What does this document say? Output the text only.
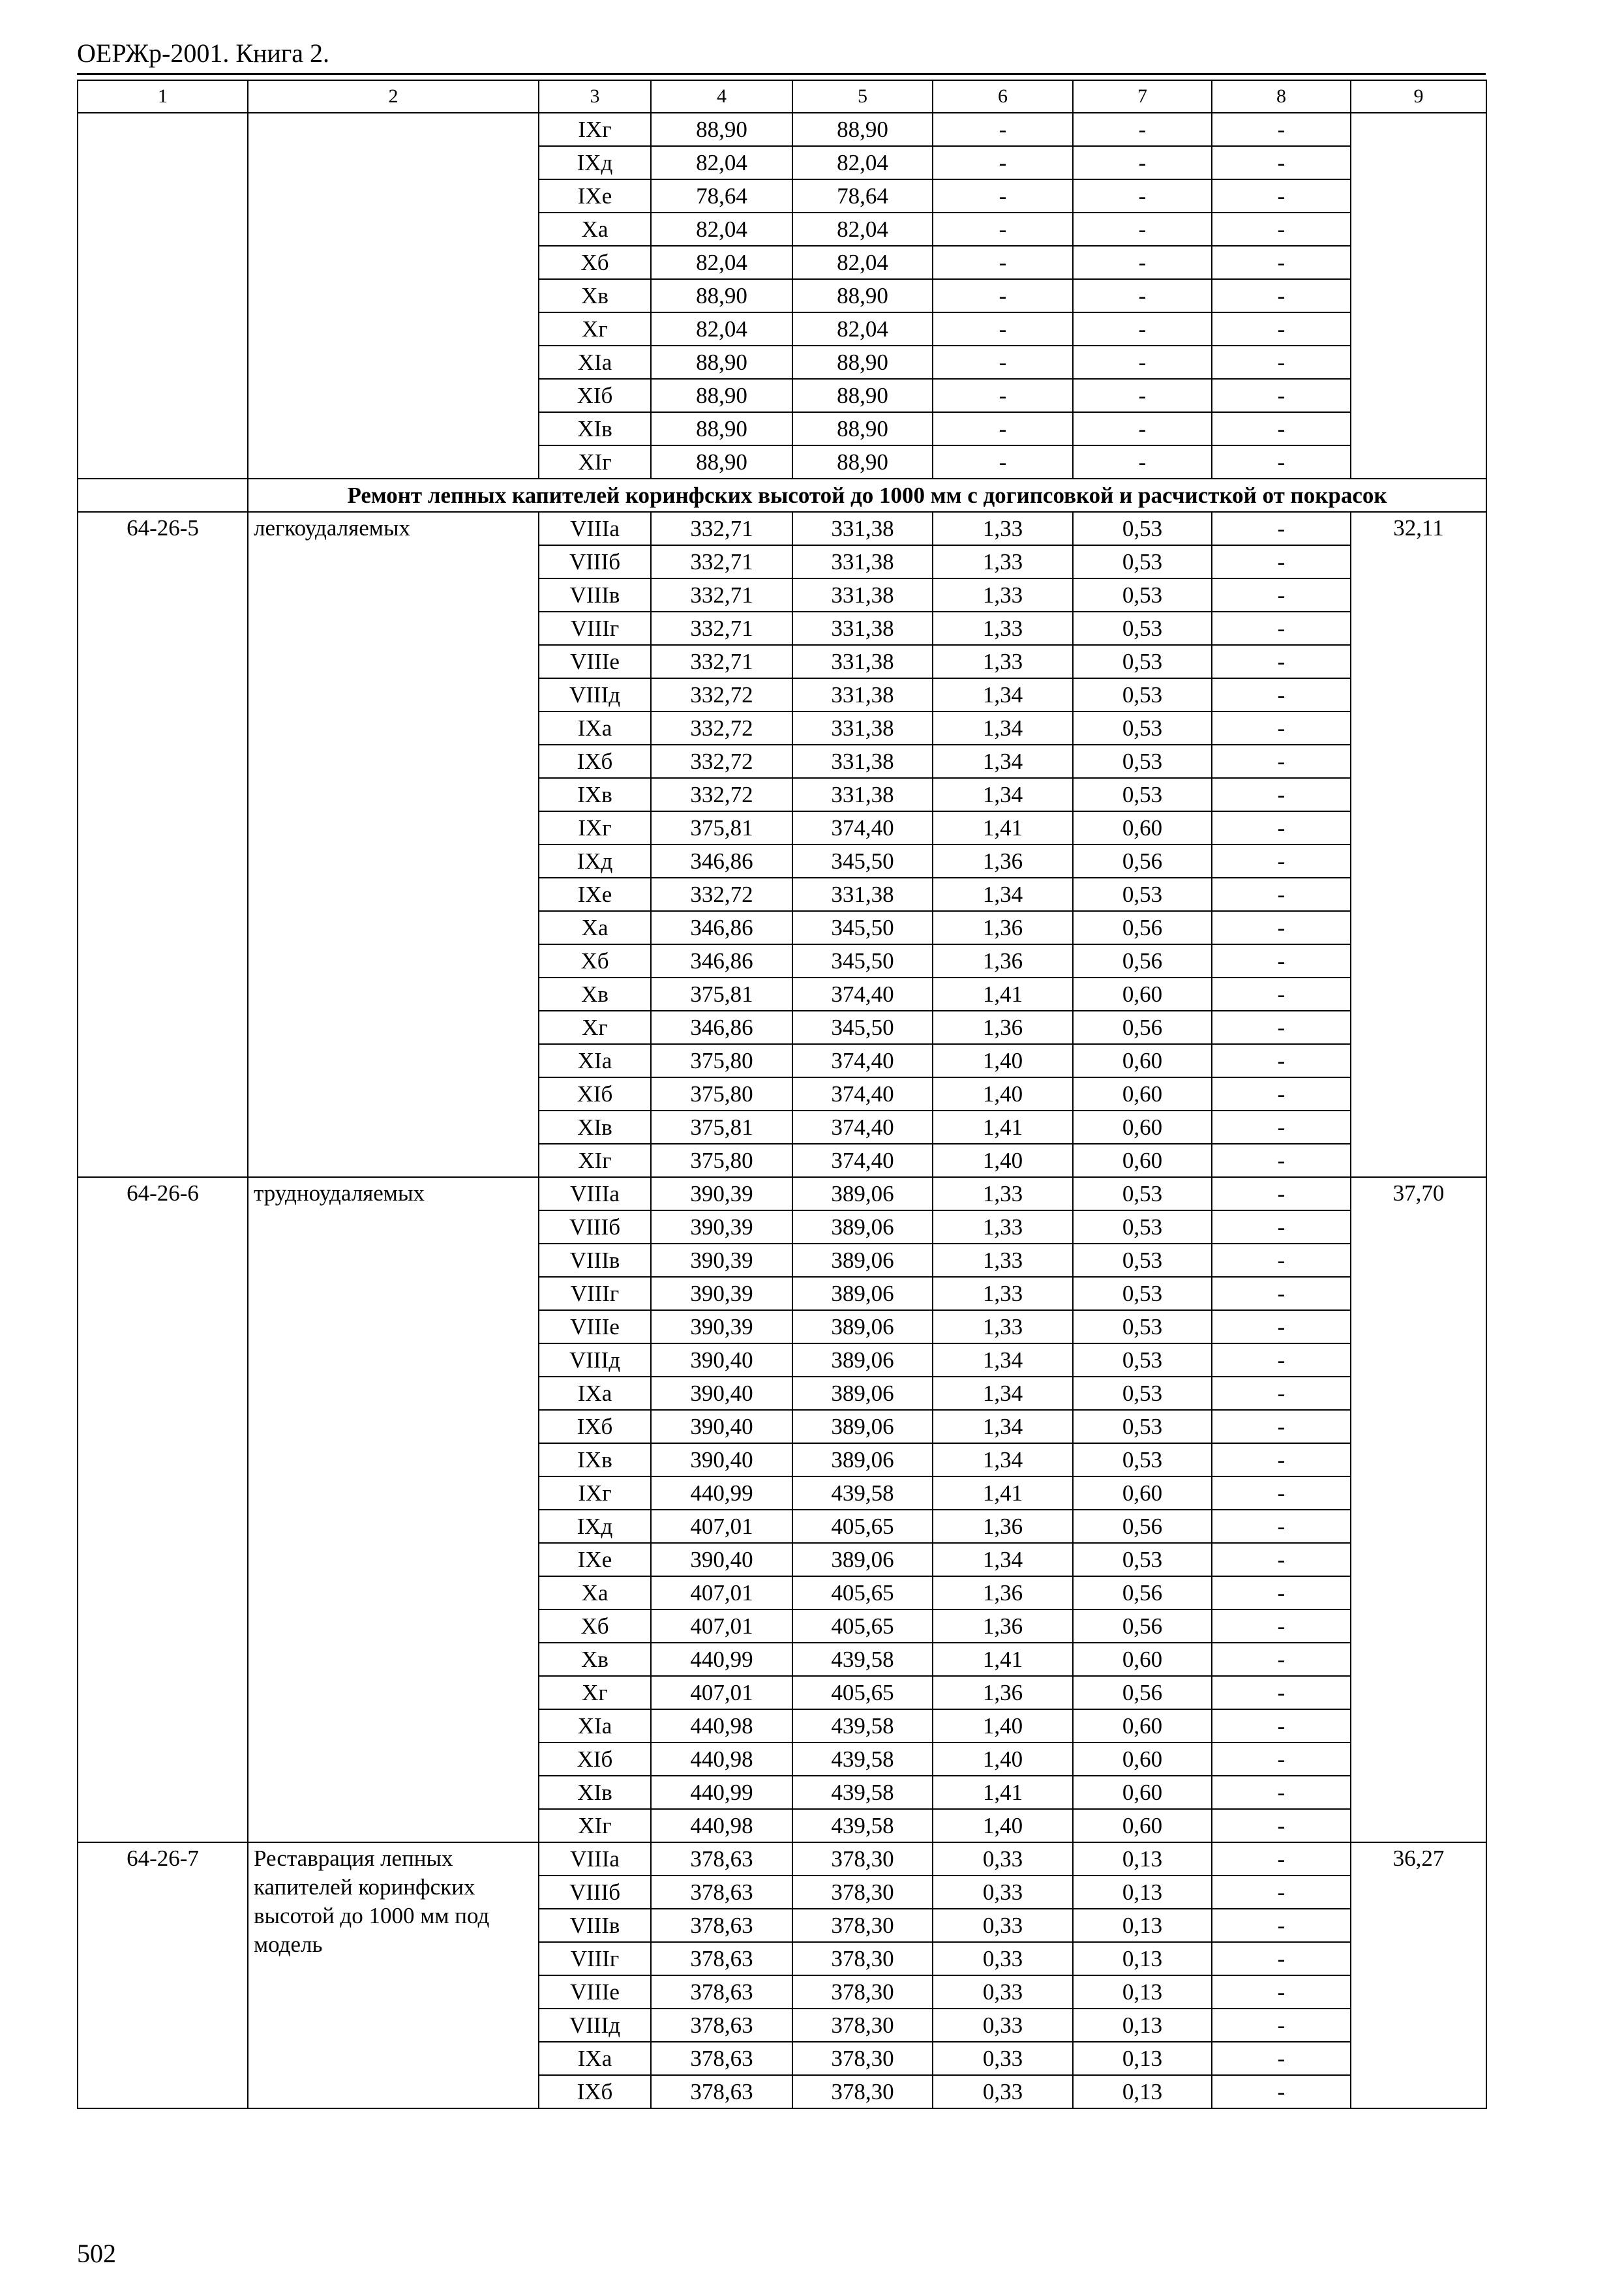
ОЕРЖр-2001. Книга 2.
1	2	3	4	5	6	7	8	9
		IXг	88,90	88,90	-	-	-	
		IXд	82,04	82,04	-	-	-	
		IXе	78,64	78,64	-	-	-	
		Xа	82,04	82,04	-	-	-	
		Xб	82,04	82,04	-	-	-	
		Xв	88,90	88,90	-	-	-	
		Xг	82,04	82,04	-	-	-	
		XIа	88,90	88,90	-	-	-	
		XIб	88,90	88,90	-	-	-	
		XIв	88,90	88,90	-	-	-	
		XIг	88,90	88,90	-	-	-	
	Ремонт лепных капителей коринфских высотой до 1000 мм с догипсовкой и расчисткой от покрасок							
64-26-5	легкоудаляемых	VIIIа	332,71	331,38	1,33	0,53	-	32,11
		VIIIб	332,71	331,38	1,33	0,53	-	
		VIIIв	332,71	331,38	1,33	0,53	-	
		VIIIг	332,71	331,38	1,33	0,53	-	
		VIIIе	332,71	331,38	1,33	0,53	-	
		VIIIд	332,72	331,38	1,34	0,53	-	
		IXа	332,72	331,38	1,34	0,53	-	
		IXб	332,72	331,38	1,34	0,53	-	
		IXв	332,72	331,38	1,34	0,53	-	
		IXг	375,81	374,40	1,41	0,60	-	
		IXд	346,86	345,50	1,36	0,56	-	
		IXе	332,72	331,38	1,34	0,53	-	
		Xа	346,86	345,50	1,36	0,56	-	
		Xб	346,86	345,50	1,36	0,56	-	
		Xв	375,81	374,40	1,41	0,60	-	
		Xг	346,86	345,50	1,36	0,56	-	
		XIа	375,80	374,40	1,40	0,60	-	
		XIб	375,80	374,40	1,40	0,60	-	
		XIв	375,81	374,40	1,41	0,60	-	
		XIг	375,80	374,40	1,40	0,60	-	
64-26-6	трудноудаляемых	VIIIа	390,39	389,06	1,33	0,53	-	37,70
		VIIIб	390,39	389,06	1,33	0,53	-	
		VIIIв	390,39	389,06	1,33	0,53	-	
		VIIIг	390,39	389,06	1,33	0,53	-	
		VIIIе	390,39	389,06	1,33	0,53	-	
		VIIIд	390,40	389,06	1,34	0,53	-	
		IXа	390,40	389,06	1,34	0,53	-	
		IXб	390,40	389,06	1,34	0,53	-	
		IXв	390,40	389,06	1,34	0,53	-	
		IXг	440,99	439,58	1,41	0,60	-	
		IXд	407,01	405,65	1,36	0,56	-	
		IXе	390,40	389,06	1,34	0,53	-	
		Xа	407,01	405,65	1,36	0,56	-	
		Xб	407,01	405,65	1,36	0,56	-	
		Xв	440,99	439,58	1,41	0,60	-	
		Xг	407,01	405,65	1,36	0,56	-	
		XIа	440,98	439,58	1,40	0,60	-	
		XIб	440,98	439,58	1,40	0,60	-	
		XIв	440,99	439,58	1,41	0,60	-	
		XIг	440,98	439,58	1,40	0,60	-	
64-26-7	Реставрация лепных капителей коринфских высотой до 1000 мм под модель	VIIIа	378,63	378,30	0,33	0,13	-	36,27
		VIIIб	378,63	378,30	0,33	0,13	-	
		VIIIв	378,63	378,30	0,33	0,13	-	
		VIIIг	378,63	378,30	0,33	0,13	-	
		VIIIе	378,63	378,30	0,33	0,13	-	
		VIIIд	378,63	378,30	0,33	0,13	-	
		IXа	378,63	378,30	0,33	0,13	-	
		IXб	378,63	378,30	0,33	0,13	-	
502
